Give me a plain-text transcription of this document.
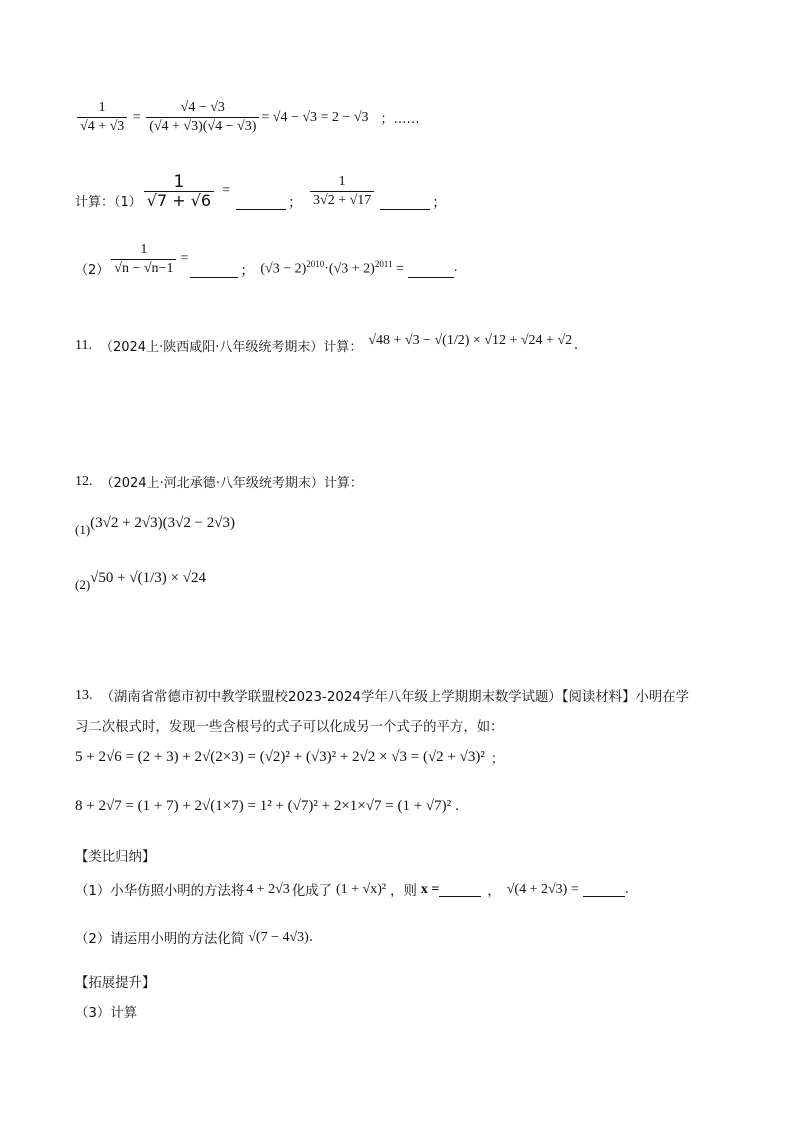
$\frac{1}{√4 + √3} = \frac{√4 - √3}{(√4 + √3)(√4 - √3)} = √4 - √3 = 2 - √3$ ；……
计算：$(1) \frac{1}{√7 + √6}$ =
； $\frac{1}{3√2 + √17}$	；
$(2) \frac{1}{√n - √n-1}$ =
； $(√3 - 2)^{2010}\cdot(√3 + 2)^{2011}$ =	.
11. （2024上·陕西咸阳·八年级统考期末）计算： √48 + √3 − √(1/2) × √12 + √24 + √2 .
12. （2024上·河北承德·八年级统考期末）计算：
(1) (3√2 + 2√3)(3√2 − 2√3)
(2) √50 + √(1/3) × √24
13. （湖南省常德市初中教学联盟校2023-2024学年八年级上学期期末数学试题）【阅读材料】小明在学
习二次根式时，发现一些含根号的式子可以化成另一个式子的平方，如：
5 + 2√6 = (2 + 3) + 2√(2×3) = (√2)² + (√3)² + 2√2 × √3 = (√2 + √3)² ；
8 + 2√7 = (1 + 7) + 2√(1×7) = 1² + (√7)² + 2×1×√7 = (1 + √7)² .
【类比归纳】
（1）小华仿照小明的方法将 4 + 2√3 化成了 (1 + √x)² ，则 x =	， √(4 + 2√3) =	.
（2）请运用小明的方法化简 √(7 − 4√3) .
【拓展提升】
（3）计算
